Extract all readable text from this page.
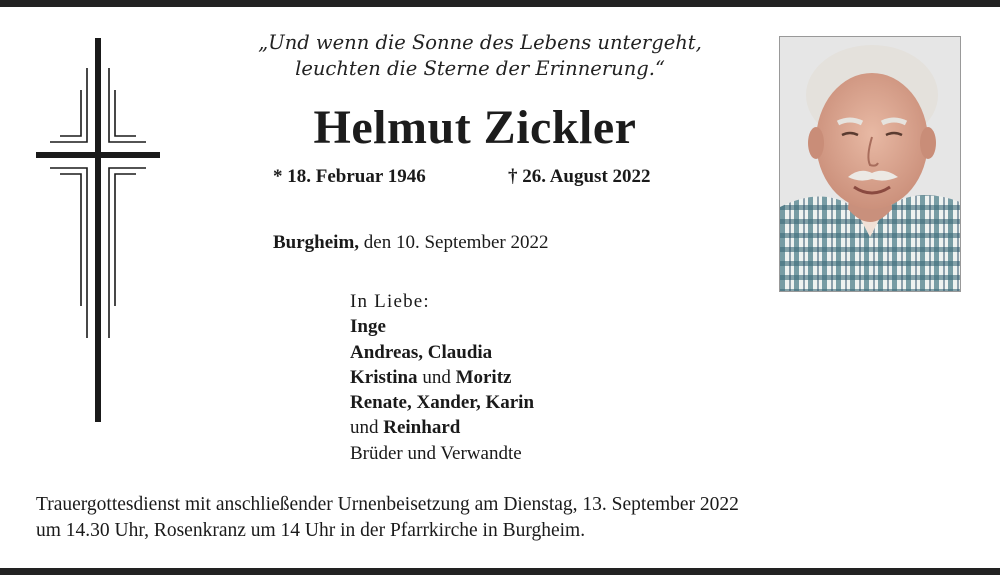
„Und wenn die Sonne des Lebens untergeht,
leuchten die Sterne der Erinnerung.“
Helmut Zickler
* 18. Februar 1946	† 26. August 2022
Burgheim, den 10. September 2022
In Liebe:
Inge
Andreas, Claudia
Kristina und Moritz
Renate, Xander, Karin
und Reinhard
Brüder und Verwandte
Trauergottesdienst mit anschließender Urnenbeisetzung am Dienstag, 13. September 2022
um 14.30 Uhr, Rosenkranz um 14 Uhr in der Pfarrkirche in Burgheim.
